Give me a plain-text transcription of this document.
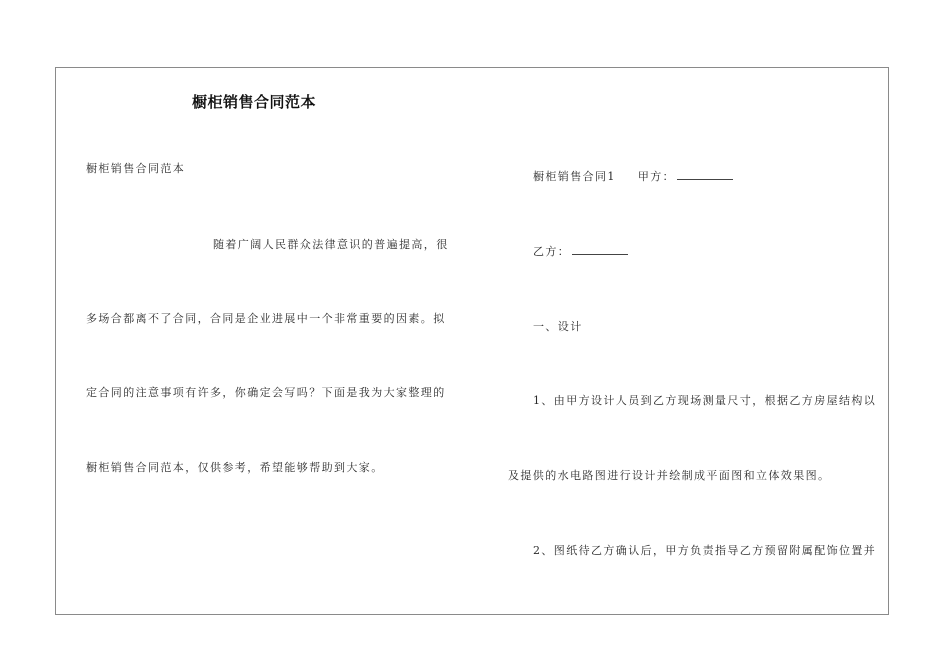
橱柜销售合同范本
橱柜销售合同范本
随着广阔人民群众法律意识的普遍提高，很
多场合都离不了合同，合同是企业进展中一个非常重要的因素。拟
定合同的注意事项有许多，你确定会写吗？下面是我为大家整理的
橱柜销售合同范本，仅供参考，希望能够帮助到大家。
橱柜销售合同1 甲方：
乙方：
一、设计
1、由甲方设计人员到乙方现场测量尺寸，根据乙方房屋结构以
及提供的水电路图进行设计并绘制成平面图和立体效果图。
2、图纸待乙方确认后，甲方负责指导乙方预留附属配饰位置并
